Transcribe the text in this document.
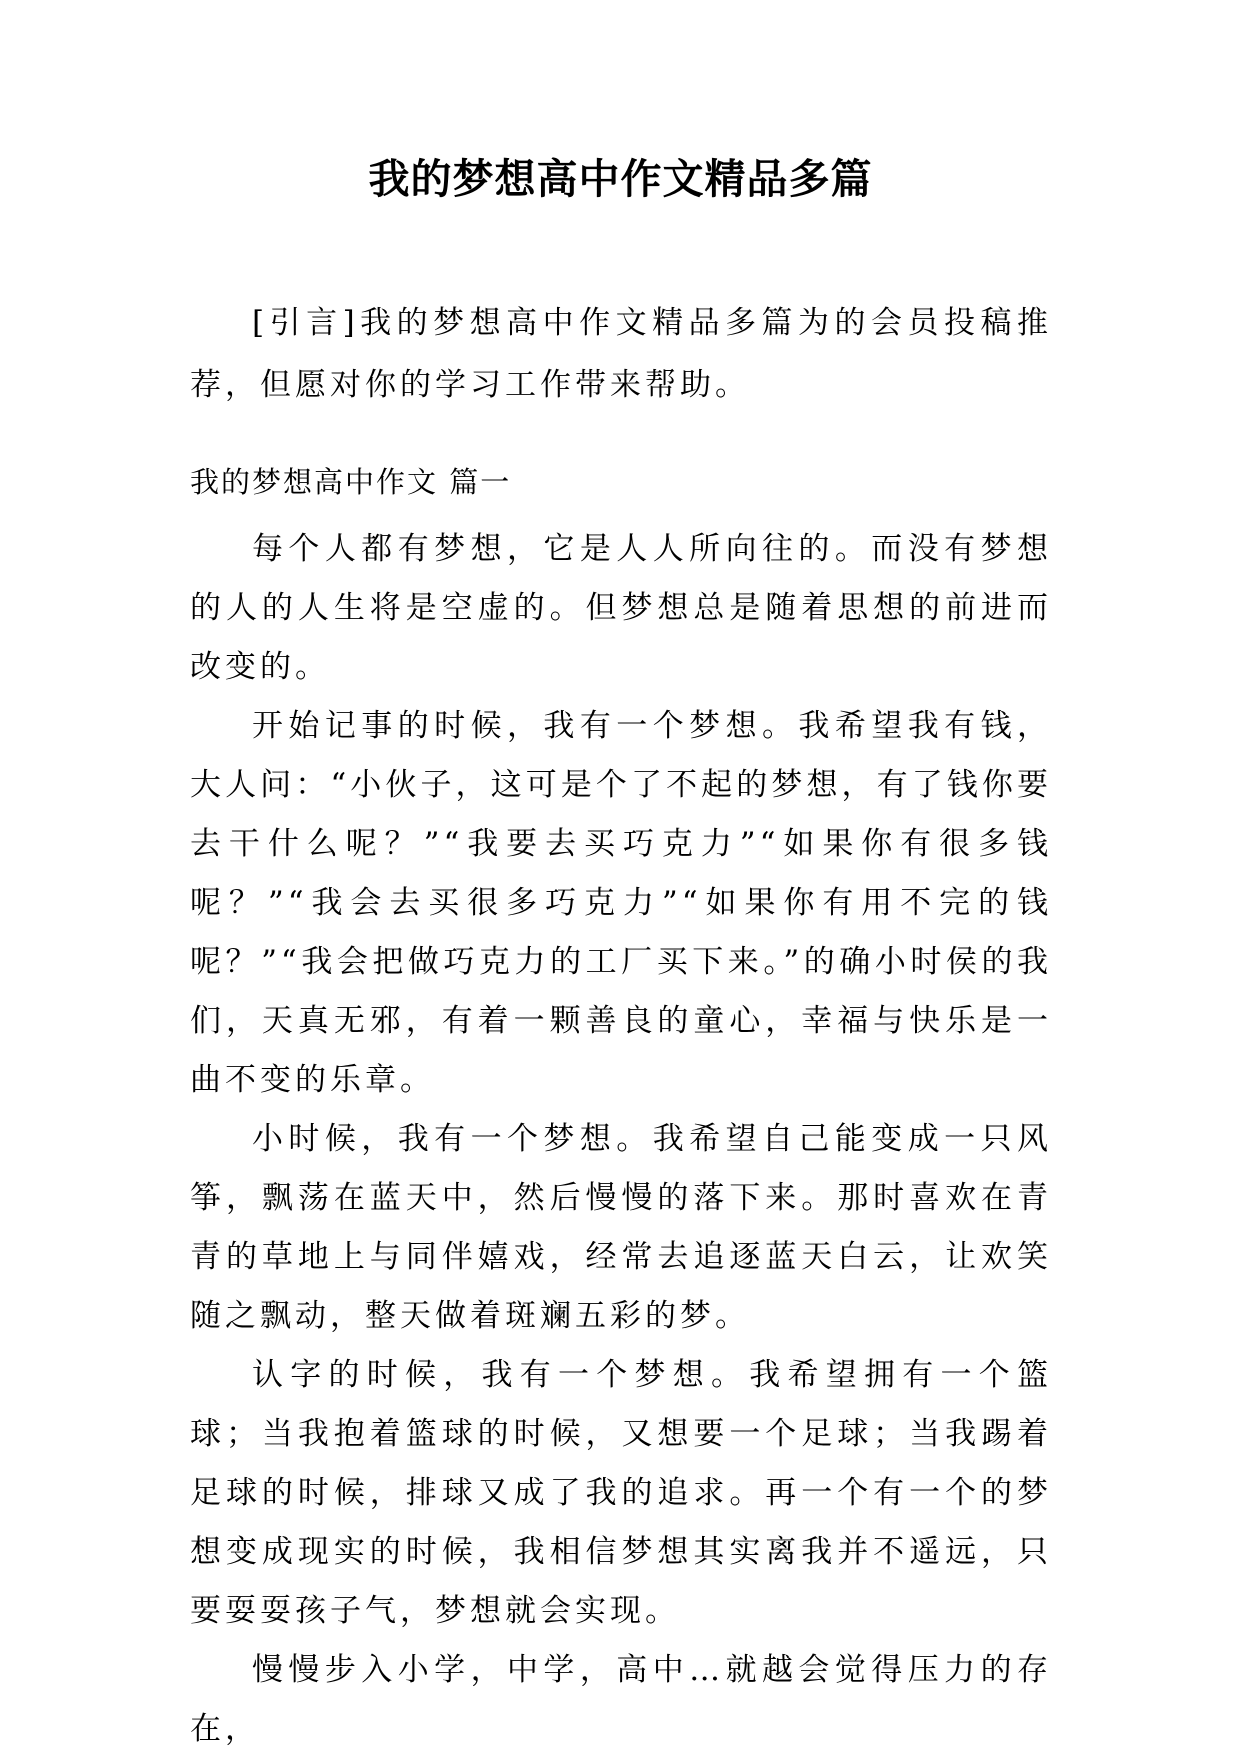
我的梦想高中作文精品多篇

[引言]我的梦想高中作文精品多篇为的会员投稿推荐，但愿对你的学习工作带来帮助。

我的梦想高中作文 篇一

每个人都有梦想，它是人人所向往的。而没有梦想的人的人生将是空虚的。但梦想总是随着思想的前进而改变的。

开始记事的时候，我有一个梦想。我希望我有钱，大人问：“小伙子，这可是个了不起的梦想，有了钱你要去干什么呢？”“我要去买巧克力”“如果你有很多钱呢？”“我会去买很多巧克力”“如果你有用不完的钱呢？”“我会把做巧克力的工厂买下来。”的确小时侯的我们，天真无邪，有着一颗善良的童心，幸福与快乐是一曲不变的乐章。

小时候，我有一个梦想。我希望自己能变成一只风筝，飘荡在蓝天中，然后慢慢的落下来。那时喜欢在青青的草地上与同伴嬉戏，经常去追逐蓝天白云，让欢笑随之飘动，整天做着斑斓五彩的梦。

认字的时候，我有一个梦想。我希望拥有一个篮球；当我抱着篮球的时候，又想要一个足球；当我踢着足球的时候，排球又成了我的追求。再一个有一个的梦想变成现实的时候，我相信梦想其实离我并不遥远，只要耍耍孩子气，梦想就会实现。

慢慢步入小学，中学，高中…就越会觉得压力的存在，
